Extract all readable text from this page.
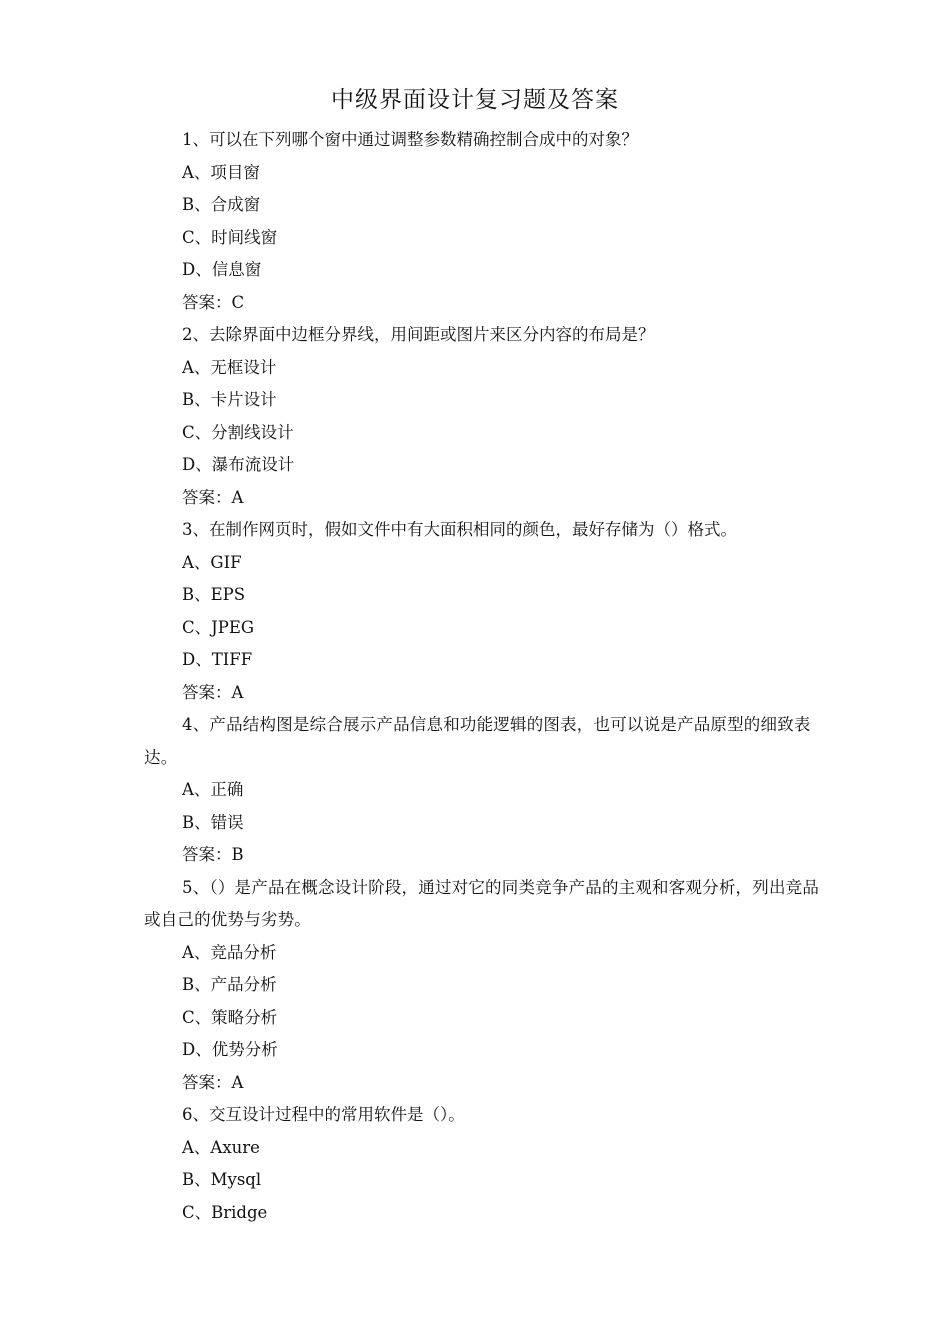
中级界面设计复习题及答案
1、可以在下列哪个窗中通过调整参数精确控制合成中的对象？
A、项目窗
B、合成窗
C、时间线窗
D、信息窗
答案：C
2、去除界面中边框分界线，用间距或图片来区分内容的布局是？
A、无框设计
B、卡片设计
C、分割线设计
D、瀑布流设计
答案：A
3、在制作网页时，假如文件中有大面积相同的颜色，最好存储为（）格式。
A、GIF
B、EPS
C、JPEG
D、TIFF
答案：A
4、产品结构图是综合展示产品信息和功能逻辑的图表，也可以说是产品原型的细致表达。
A、正确
B、错误
答案：B
5、（）是产品在概念设计阶段，通过对它的同类竞争产品的主观和客观分析，列出竞品或自己的优势与劣势。
A、竞品分析
B、产品分析
C、策略分析
D、优势分析
答案：A
6、交互设计过程中的常用软件是（）。
A、Axure
B、Mysql
C、Bridge
